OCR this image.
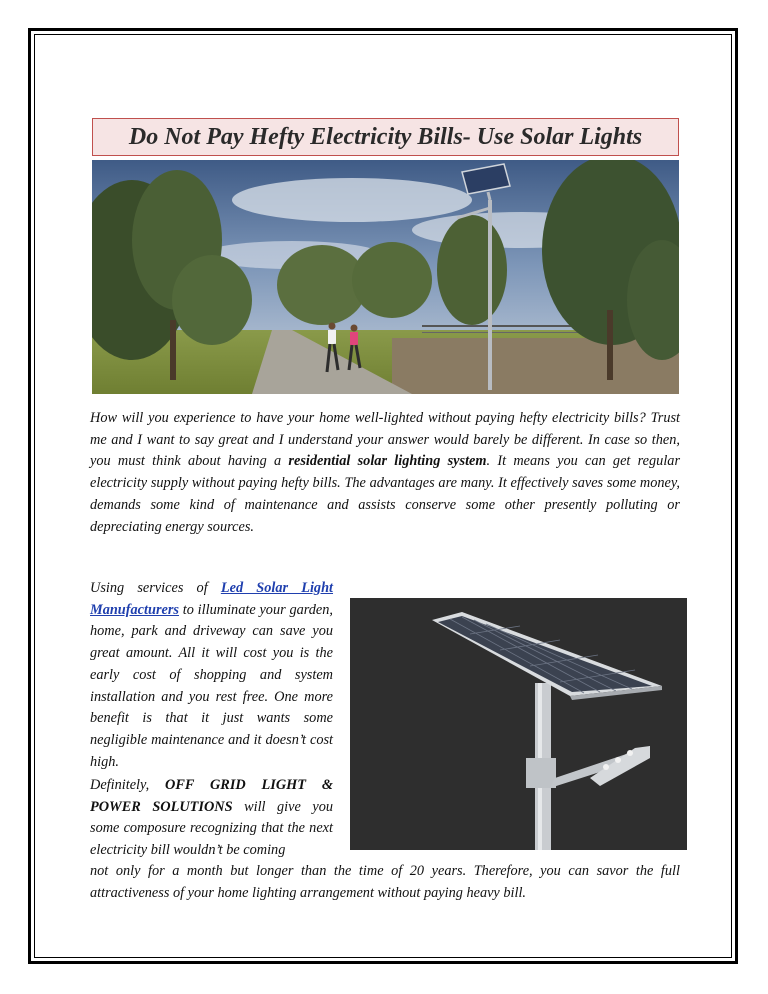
Do Not Pay Hefty Electricity Bills- Use Solar Lights

How will you experience to have your home well-lighted without paying hefty electricity bills? Trust me and I want to say great and I understand your answer would barely be different. In case so then, you must think about having a residential solar lighting system. It means you can get regular electricity supply without paying hefty bills. The advantages are many. It effectively saves some money, demands some kind of maintenance and assists conserve some other presently polluting or depreciating energy sources.

Using services of Led Solar Light Manufacturers to illuminate your garden, home, park and driveway can save you great amount. All it will cost you is the early cost of shopping and system installation and you rest free. One more benefit is that it just wants some negligible maintenance and it doesn’t cost high.

Definitely, OFF GRID LIGHT & POWER SOLUTIONS will give you some composure recognizing that the next electricity bill wouldn’t be coming

not only for a month but longer than the time of 20 years. Therefore, you can savor the full attractiveness of your home lighting arrangement without paying heavy bill.
